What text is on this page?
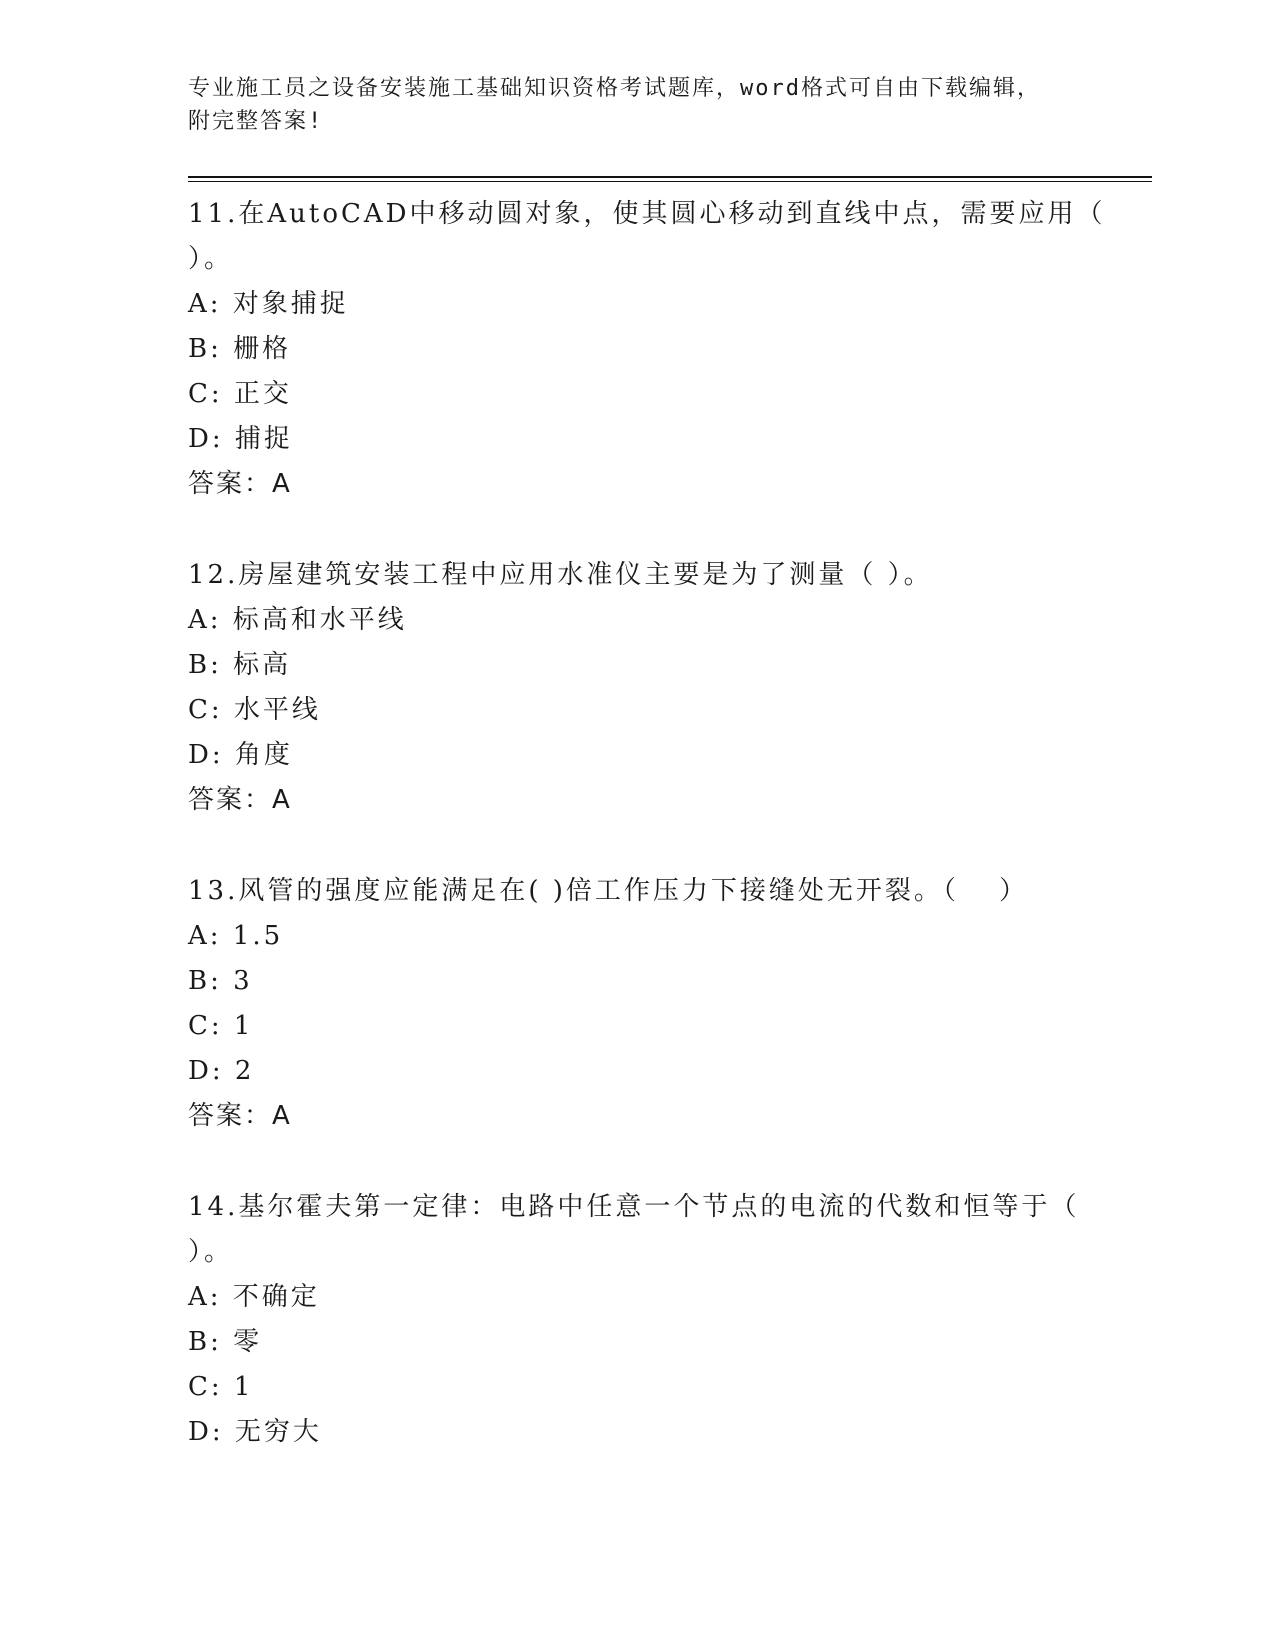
专业施工员之设备安装施工基础知识资格考试题库，word格式可自由下载编辑，
附完整答案!
11.在AutoCAD中移动圆对象，使其圆心移动到直线中点，需要应用（
）。
A: 对象捕捉
B: 栅格
C: 正交
D: 捕捉
答案：A
12.房屋建筑安装工程中应用水准仪主要是为了测量（ ）。
A: 标高和水平线
B: 标高
C: 水平线
D: 角度
答案：A
13.风管的强度应能满足在( )倍工作压力下接缝处无开裂。（　 ）
A: 1.5
B: 3
C: 1
D: 2
答案：A
14.基尔霍夫第一定律：电路中任意一个节点的电流的代数和恒等于（
）。
A: 不确定
B: 零
C: 1
D: 无穷大
